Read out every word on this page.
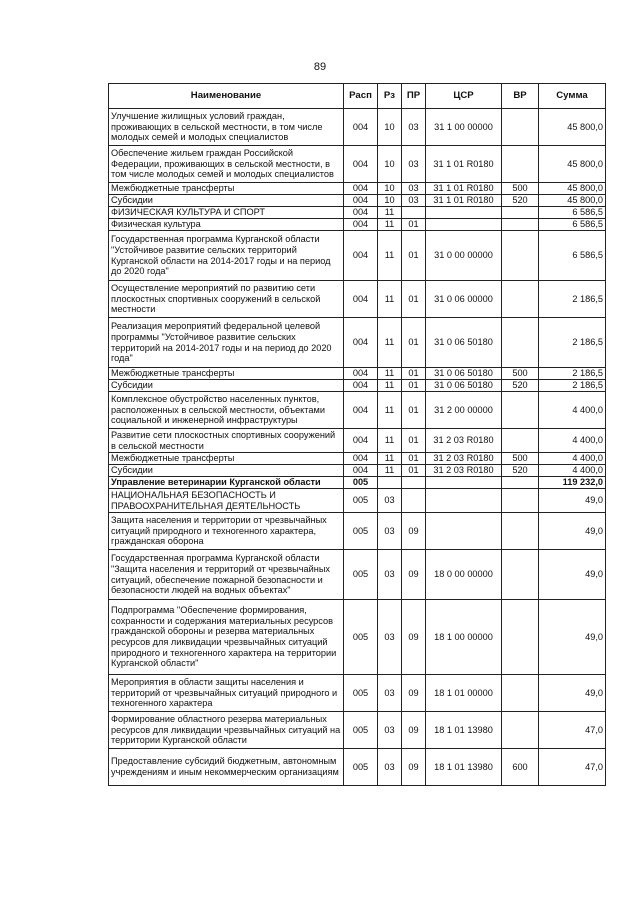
89
Наименование	Расп	Рз	ПР	ЦСР	ВР	Сумма
Улучшение жилищных условий граждан, проживающих в сельской местности, в том числе молодых семей и молодых специалистов	004	10	03	31 1 00 00000		45 800,0
Обеспечение жильем граждан Российской Федерации, проживающих в сельской местности, в том числе молодых семей и молодых специалистов	004	10	03	31 1 01 R0180		45 800,0
Межбюджетные трансферты	004	10	03	31 1 01 R0180	500	45 800,0
Субсидии	004	10	03	31 1 01 R0180	520	45 800,0
ФИЗИЧЕСКАЯ КУЛЬТУРА И СПОРТ	004	11				6 586,5
Физическая культура	004	11	01			6 586,5
Государственная программа Курганской области "Устойчивое развитие сельских территорий Курганской области на 2014-2017 годы и на период до 2020 года"	004	11	01	31 0 00 00000		6 586,5
Осуществление мероприятий по развитию сети плоскостных спортивных сооружений в сельской местности	004	11	01	31 0 06 00000		2 186,5
Реализация мероприятий федеральной целевой программы "Устойчивое развитие сельских территорий на 2014-2017 годы и на период до 2020 года"	004	11	01	31 0 06 50180		2 186,5
Межбюджетные трансферты	004	11	01	31 0 06 50180	500	2 186,5
Субсидии	004	11	01	31 0 06 50180	520	2 186,5
Комплексное обустройство населенных пунктов, расположенных в сельской местности, объектами социальной и инженерной инфраструктуры	004	11	01	31 2 00 00000		4 400,0
Развитие сети плоскостных спортивных сооружений в сельской местности	004	11	01	31 2 03 R0180		4 400,0
Межбюджетные трансферты	004	11	01	31 2 03 R0180	500	4 400,0
Субсидии	004	11	01	31 2 03 R0180	520	4 400,0
Управление ветеринарии Курганской области	005					119 232,0
НАЦИОНАЛЬНАЯ БЕЗОПАСНОСТЬ И ПРАВООХРАНИТЕЛЬНАЯ ДЕЯТЕЛЬНОСТЬ	005	03				49,0
Защита населения и территории от чрезвычайных ситуаций природного и техногенного характера, гражданская оборона	005	03	09			49,0
Государственная программа Курганской области "Защита населения и территорий от чрезвычайных ситуаций, обеспечение пожарной безопасности и безопасности людей на водных объектах"	005	03	09	18 0 00 00000		49,0
Подпрограмма "Обеспечение формирования, сохранности и содержания материальных ресурсов гражданской обороны и резерва материальных ресурсов для ликвидации чрезвычайных ситуаций природного и техногенного характера на территории Курганской области"	005	03	09	18 1 00 00000		49,0
Мероприятия в области защиты населения и территорий от чрезвычайных ситуаций природного и техногенного характера	005	03	09	18 1 01 00000		49,0
Формирование областного резерва материальных ресурсов для ликвидации чрезвычайных ситуаций на территории Курганской области	005	03	09	18 1 01 13980		47,0
Предоставление субсидий бюджетным, автономным учреждениям и иным некоммерческим организациям	005	03	09	18 1 01 13980	600	47,0
